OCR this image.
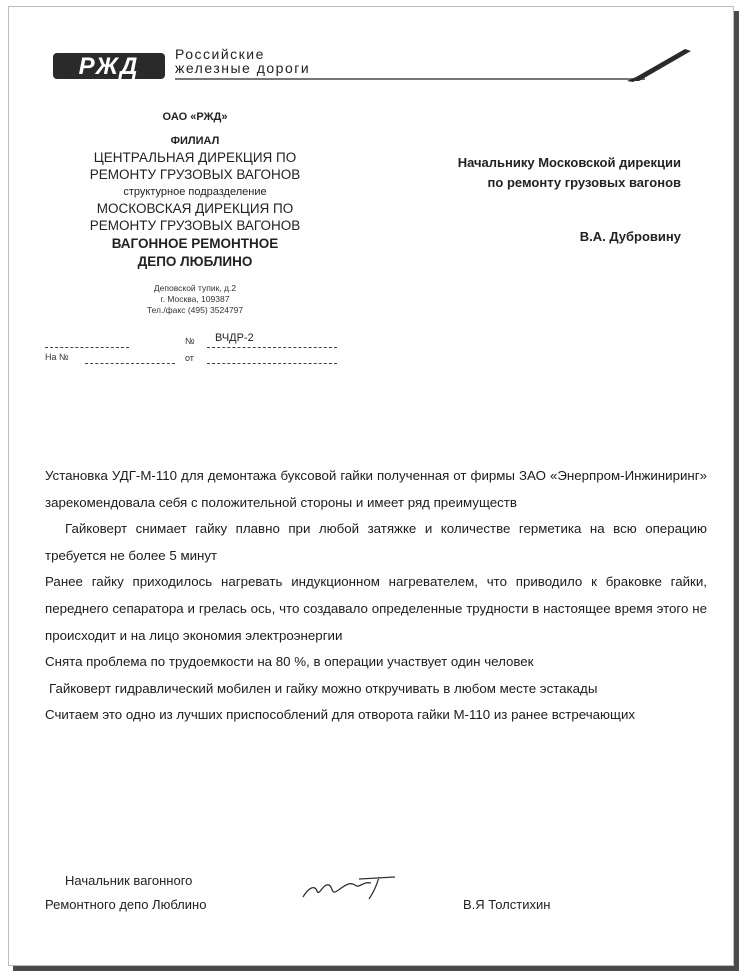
РЖД	Российские
железные дороги
ОАО «РЖД»
ФИЛИАЛ
ЦЕНТРАЛЬНАЯ ДИРЕКЦИЯ ПО
РЕМОНТУ ГРУЗОВЫХ ВАГОНОВ
структурное подразделение
МОСКОВСКАЯ ДИРЕКЦИЯ ПО
РЕМОНТУ ГРУЗОВЫХ ВАГОНОВ
ВАГОННОЕ РЕМОНТНОЕ
ДЕПО ЛЮБЛИНО
Деповской тупик, д.2
г. Москва, 109387
Тел./факс (495) 3524797
№ ВЧДР-2
На №	от
Начальнику Московской дирекции
по ремонту грузовых вагонов
В.А. Дубровину

Установка УДГ-М-110 для демонтажа буксовой гайки полученная от фирмы ЗАО «Энерпром-Инжиниринг» зарекомендовала себя с положительной стороны и имеет ряд преимуществ

Гайковерт снимает гайку плавно при любой затяжке и количестве герметика на всю операцию требуется не более 5 минут

Ранее гайку приходилось нагревать индукционном нагревателем, что приводило к браковке гайки, переднего сепаратора и грелась ось, что создавало определенные трудности в настоящее время этого не происходит и на лицо экономия электроэнергии

Снята проблема по трудоемкости на 80 %, в операции участвует один человек

Гайковерт гидравлический мобилен и гайку можно откручивать в любом месте эстакады

Считаем это одно из лучших приспособлений для отворота гайки М-110 из ранее встречающих

Начальник вагонного
Ремонтного депо Люблино	В.Я Толстихин
